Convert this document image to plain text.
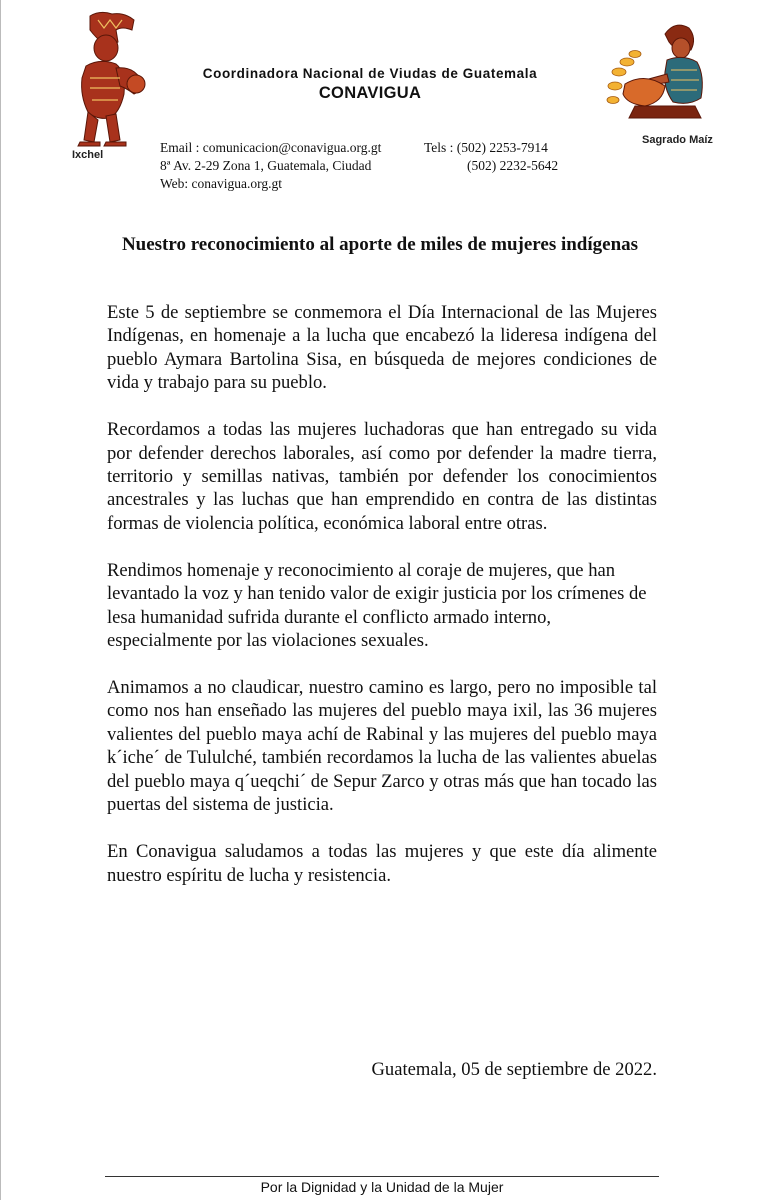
Ixchel
Sagrado Maíz
Coordinadora Nacional de Viudas de Guatemala
CONAVIGUA
Email : comunicacion@conavigua.org.gt
8ª Av. 2-29 Zona 1, Guatemala, Ciudad
Web: conavigua.org.gt
Tels : (502) 2253-7914
(502) 2232-5642
Nuestro reconocimiento al aporte de miles de mujeres indígenas

Este 5 de septiembre se conmemora el Día Internacional de las Mujeres Indígenas, en homenaje a la lucha que encabezó la lideresa indígena del pueblo Aymara Bartolina Sisa, en búsqueda de mejores condiciones de vida y trabajo para su pueblo.

Recordamos a todas las mujeres luchadoras que han entregado su vida por defender derechos laborales, así como por defender la madre tierra, territorio y semillas nativas, también por defender los conocimientos ancestrales y las luchas que han emprendido en contra de las distintas formas de violencia política, económica laboral entre otras.

Rendimos homenaje y reconocimiento al coraje de mujeres, que han levantado la voz y han tenido valor de exigir justicia por los crímenes de lesa humanidad sufrida durante el conflicto armado interno, especialmente por las violaciones sexuales.

Animamos a no claudicar, nuestro camino es largo, pero no imposible tal como nos han enseñado las mujeres del pueblo maya ixil, las 36 mujeres valientes del pueblo maya achí de Rabinal y las mujeres del pueblo maya k´iche´ de Tululché, también recordamos la lucha de las valientes abuelas del pueblo maya q´ueqchi´ de Sepur Zarco y otras más que han tocado las puertas del sistema de justicia.

En Conavigua saludamos a todas las mujeres y que este día alimente nuestro espíritu de lucha y resistencia.

Guatemala, 05 de septiembre de 2022.
Por la Dignidad y la Unidad de la Mujer
